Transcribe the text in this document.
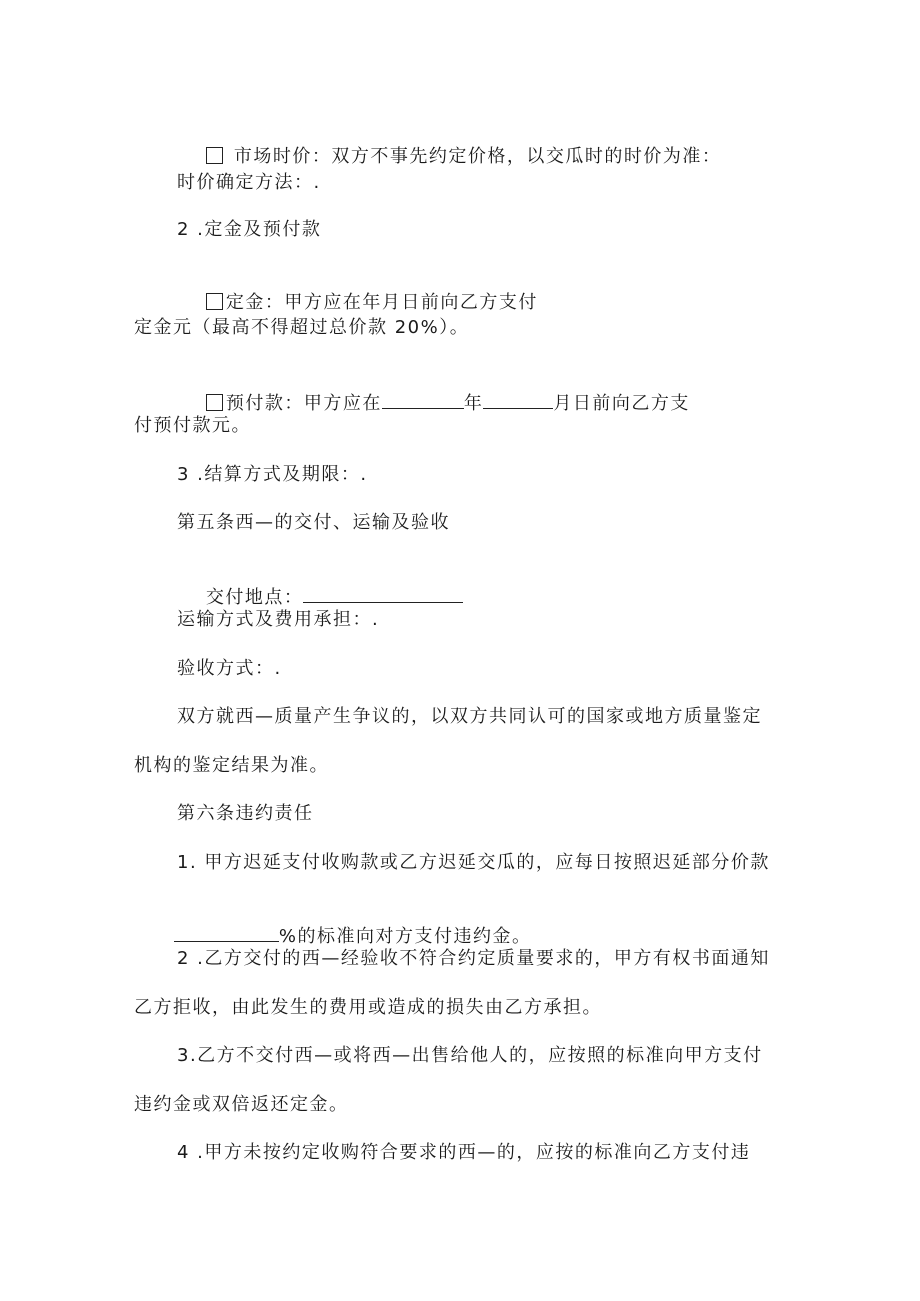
市场时价：双方不事先约定价格，以交瓜时的时价为准：

时价确定方法：.
2 .定金及预付款

定金：甲方应在年月日前向乙方支付

定金元（最高不得超过总价款 20%）。

预付款：甲方应在	年	月日前向乙方支

付预付款元。
3 .结算方式及期限：.
第五条西—的交付、运输及验收

交付地点：

运输方式及费用承担：.
验收方式：.
双方就西—质量产生争议的，以双方共同认可的国家或地方质量鉴定
机构的鉴定结果为准。
第六条违约责任
1. 甲方迟延支付收购款或乙方迟延交瓜的，应每日按照迟延部分价款

%的标准向对方支付违约金。

2 .乙方交付的西—经验收不符合约定质量要求的，甲方有权书面通知
乙方拒收，由此发生的费用或造成的损失由乙方承担。
3.乙方不交付西—或将西—出售给他人的，应按照的标准向甲方支付
违约金或双倍返还定金。
4 .甲方未按约定收购符合要求的西—的，应按的标准向乙方支付违
